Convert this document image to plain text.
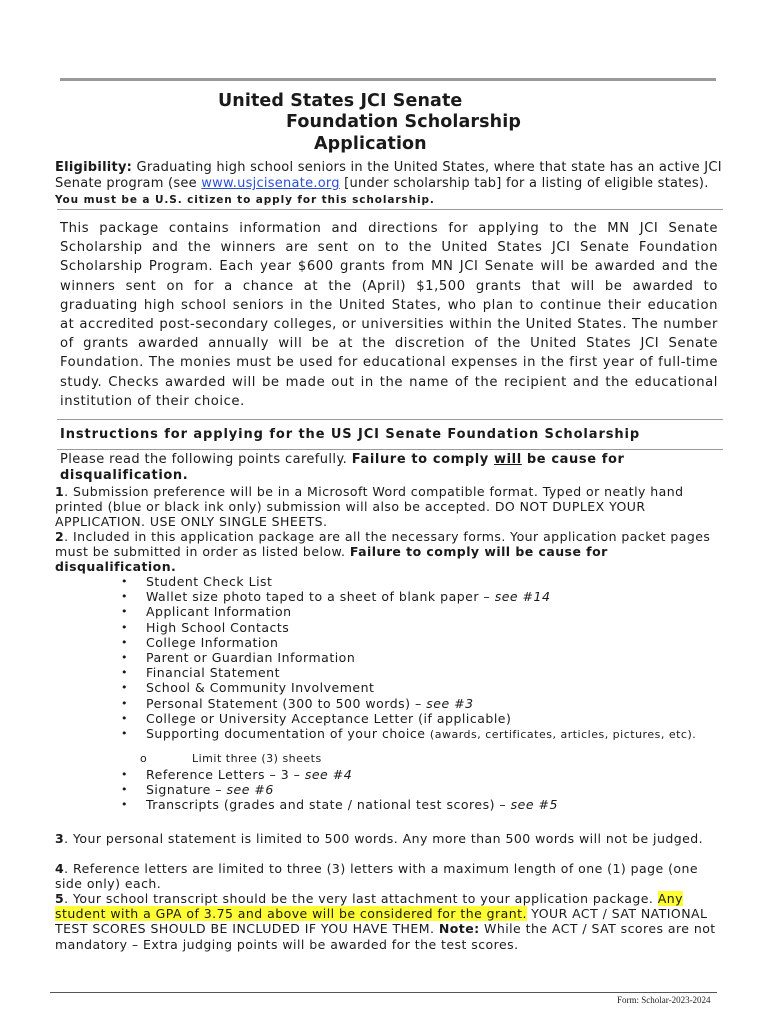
United States JCI Senate
Foundation Scholarship
Application
Eligibility: Graduating high school seniors in the United States, where that state has an active JCI Senate program (see www.usjcisenate.org [under scholarship tab] for a listing of eligible states). You must be a U.S. citizen to apply for this scholarship.
This package contains information and directions for applying to the MN JCI Senate Scholarship and the winners are sent on to the United States JCI Senate Foundation Scholarship Program. Each year $600 grants from MN JCI Senate will be awarded and the winners sent on for a chance at the (April) $1,500 grants that will be awarded to graduating high school seniors in the United States, who plan to continue their education at accredited post-secondary colleges, or universities within the United States. The number of grants awarded annually will be at the discretion of the United States JCI Senate Foundation. The monies must be used for educational expenses in the first year of full-time study. Checks awarded will be made out in the name of the recipient and the educational institution of their choice.
Instructions for applying for the US JCI Senate Foundation Scholarship
Please read the following points carefully. Failure to comply will be cause for disqualification.
1. Submission preference will be in a Microsoft Word compatible format. Typed or neatly hand printed (blue or black ink only) submission will also be accepted. DO NOT DUPLEX YOUR APPLICATION. USE ONLY SINGLE SHEETS.
2. Included in this application package are all the necessary forms. Your application packet pages must be submitted in order as listed below. Failure to comply will be cause for disqualification.
• Student Check List
• Wallet size photo taped to a sheet of blank paper – see #14
• Applicant Information
• High School Contacts
• College Information
• Parent or Guardian Information
• Financial Statement
• School & Community Involvement
• Personal Statement (300 to 500 words) – see #3
• College or University Acceptance Letter (if applicable)
• Supporting documentation of your choice (awards, certificates, articles, pictures, etc).
o	Limit three (3) sheets
• Reference Letters – 3 – see #4
• Signature – see #6
• Transcripts (grades and state / national test scores) – see #5
3. Your personal statement is limited to 500 words. Any more than 500 words will not be judged.
4. Reference letters are limited to three (3) letters with a maximum length of one (1) page (one side only) each.
5. Your school transcript should be the very last attachment to your application package. Any student with a GPA of 3.75 and above will be considered for the grant. YOUR ACT / SAT NATIONAL TEST SCORES SHOULD BE INCLUDED IF YOU HAVE THEM. Note: While the ACT / SAT scores are not mandatory – Extra judging points will be awarded for the test scores.
Form: Scholar-2023-2024
